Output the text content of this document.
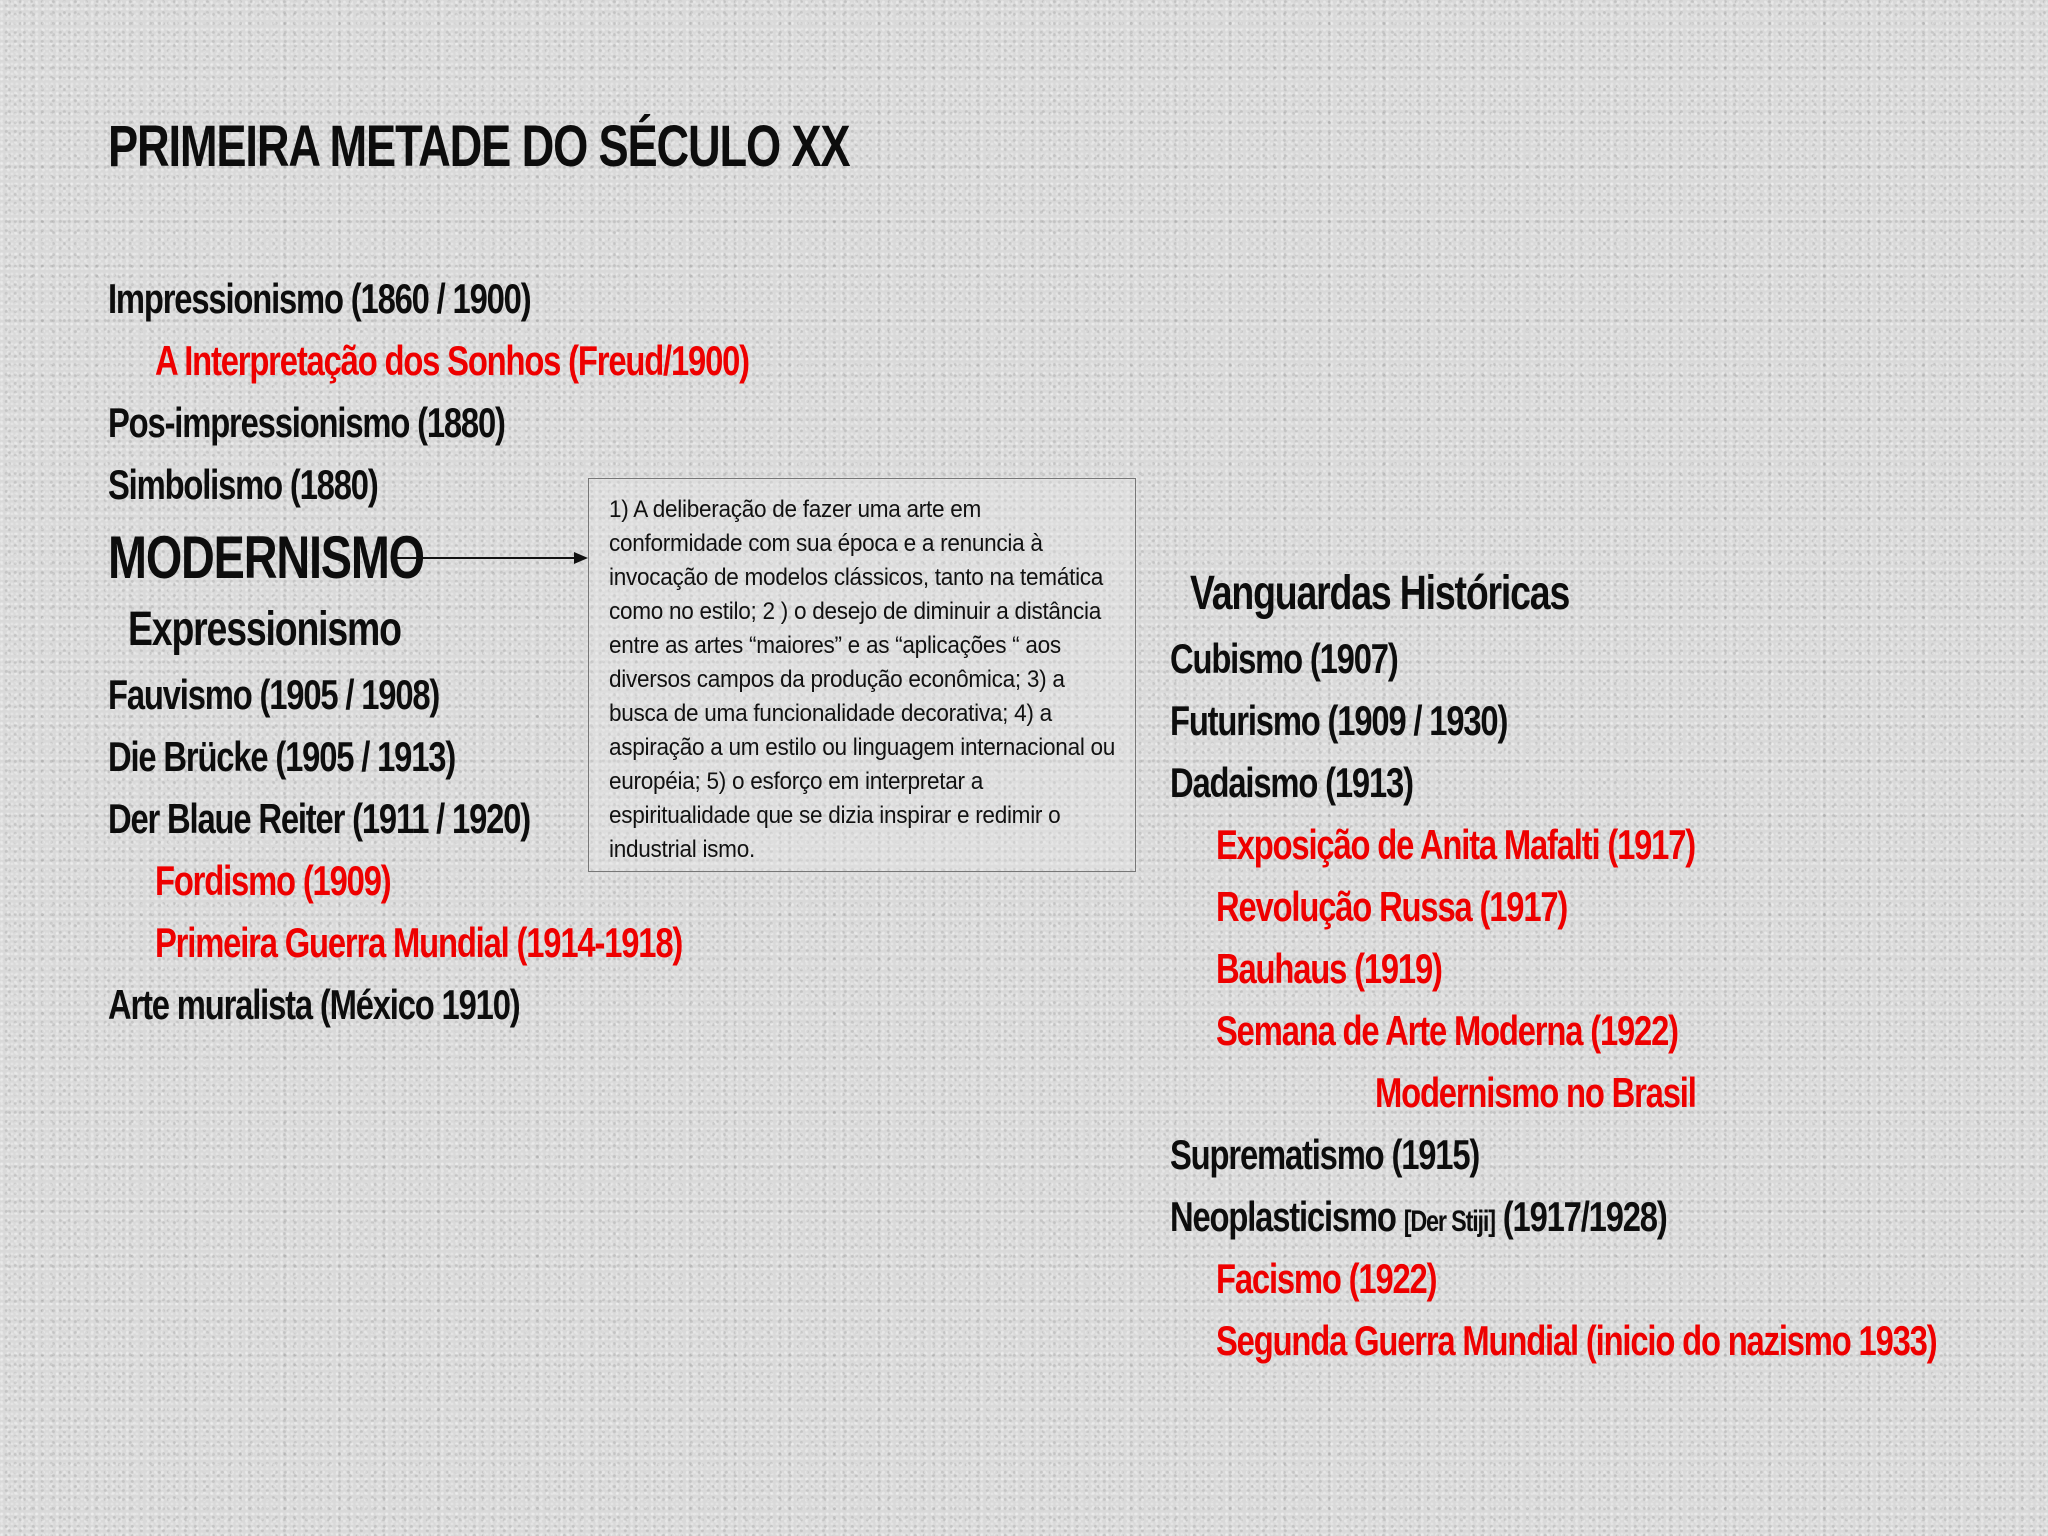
PRIMEIRA METADE DO SÉCULO XX
Impressionismo (1860 / 1900)
A Interpretação dos Sonhos (Freud/1900)
Pos-impressionismo (1880)
Simbolismo (1880)
MODERNISMO
Expressionismo
Fauvismo (1905 / 1908)
Die Brücke (1905 / 1913)
Der Blaue Reiter (1911 / 1920)
Fordismo (1909)
Primeira Guerra Mundial (1914-1918)
Arte muralista (México 1910)
1) A deliberação de fazer uma arte em conformidade com sua época e a renuncia à invocação de modelos clássicos, tanto na temática como no estilo; 2 ) o desejo de diminuir a distância entre as artes “maiores” e as “aplicações “ aos diversos campos da produção econômica; 3) a busca de uma funcionalidade decorativa; 4) a aspiração a um estilo ou linguagem internacional ou européia; 5) o esforço em interpretar a espiritualidade que se dizia inspirar e redimir o industrial ismo.
Vanguardas Históricas
Cubismo (1907)
Futurismo (1909 / 1930)
Dadaismo (1913)
Exposição de Anita Mafalti (1917)
Revolução Russa (1917)
Bauhaus (1919)
Semana de Arte Moderna (1922)
Modernismo no Brasil
Suprematismo (1915)
Neoplasticismo [Der Stiji] (1917/1928)
Facismo (1922)
Segunda Guerra Mundial (inicio do nazismo 1933)
